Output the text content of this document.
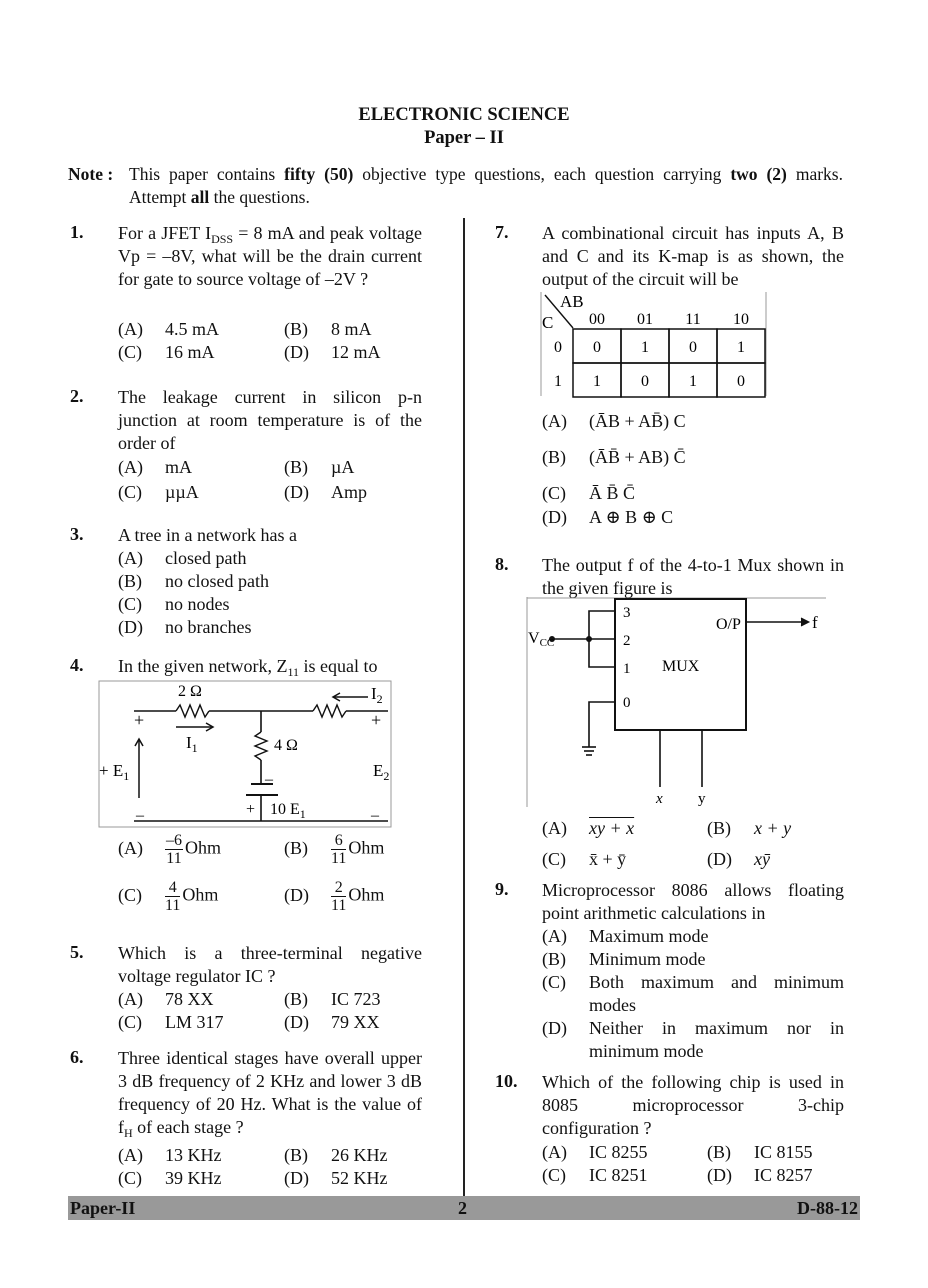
ELECTRONIC SCIENCE
Paper – II
Note : This paper contains fifty (50) objective type questions, each question carrying two (2) marks. Attempt all the questions.
1. For a JFET $I_{DSS} = 8$ mA and peak voltage Vp = –8V, what will be the drain current for gate to source voltage of –2V ?
(A) 4.5 mA	(B) 8 mA
(C) 16 mA	(D) 12 mA
2. The leakage current in silicon p-n junction at room temperature is of the order of
(A) mA	(B) µA
(C) µµA	(D) Amp
3. A tree in a network has a
(A) closed path
(B) no closed path
(C) no nodes
(D) no branches
4. In the given network, $Z_{11}$ is equal to
2 Ω
4 Ω
$I_1$
$I_2$
+ $E_1$	$E_2$
10 $E_1$
+	+
+
–
–	–
$(A) \frac{-6}{11}$ Ohm	$(B) \frac{6}{11}$ Ohm
$(C) \frac{4}{11}$ Ohm	$(D) \frac{2}{11}$ Ohm
5. Which is a three-terminal negative voltage regulator IC ?
(A) 78 XX	(B) IC 723
(C) LM 317	(D) 79 XX
6. Three identical stages have overall upper 3 dB frequency of 2 KHz and lower 3 dB frequency of 20 Hz. What is the value of $f_H$ of each stage ?
(A) 13 KHz	(B) 26 KHz
(C) 39 KHz	(D) 52 KHz
7. A combinational circuit has inputs A, B and C and its K-map is as shown, the output of the circuit will be
AB
C 00 01 11 10
0 0	1	0	1
1 1	0	1	0
(A) (ĀB + AB̄) C
(B) (ĀB̄ + AB) C̄
(C) Ā B̄ C̄
(D) A ⊕ B ⊕ C
8. The output f of the 4-to-1 Mux shown in the given figure is
f
O/P
MUX
3
2
1
0
VCC
x y
(A) xy + x	(B) x + y
(C) x̄ + ȳ	(D) xȳ
9. Microprocessor 8086 allows floating point arithmetic calculations in
(A) Maximum mode
(B) Minimum mode
(C)	Both maximum and minimum modes
(D)	Neither in maximum nor in minimum mode
10. Which of the following chip is used in 8085 microprocessor 3-chip configuration ?
(A) IC 8255	(B) IC 8155
(C) IC 8251	(D) IC 8257
Paper-II	2	D-88-12
